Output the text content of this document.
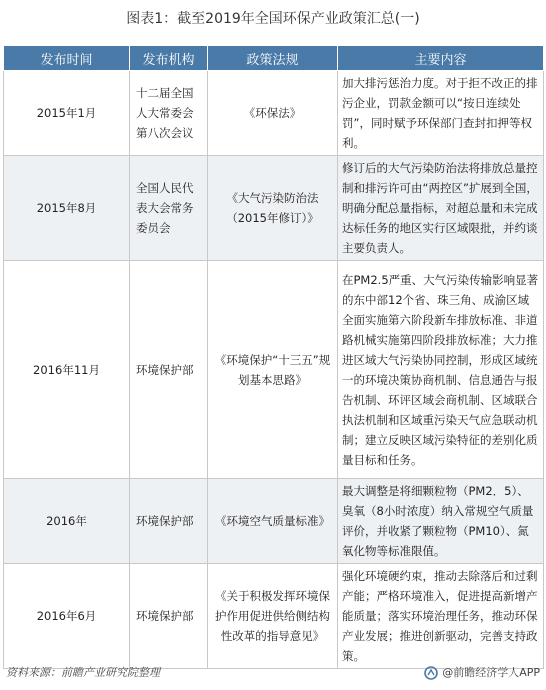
图表1：截至2019年全国环保产业政策汇总(一)
发布时间	发布机构	政策法规	主要内容
2015年1月	十二届全国人大常委会第八次会议	《环保法》	加大排污惩治力度。对于拒不改正的排污企业，罚款金额可以“按日连续处罚”，同时赋予环保部门查封扣押等权利。
2015年8月	全国人民代表大会常务委员会	《大气污染防治法（2015年修订）》	修订后的大气污染防治法将排放总量控制和排污许可由“两控区”扩展到全国，明确分配总量指标，对超总量和未完成达标任务的地区实行区域限批，并约谈主要负责人。
2016年11月	环境保护部	《环境保护“十三五”规划基本思路》	在PM2.5严重、大气污染传输影响显著的东中部12个省、珠三角、成渝区域全面实施第六阶段新车排放标准、非道路机械实施第四阶段排放标准；大力推进区域大气污染协同控制，形成区域统一的环境决策协商机制、信息通告与报告机制、环评区域会商机制、区域联合执法机制和区域重污染天气应急联动机制；建立反映区域污染特征的差别化质量目标和任务。
2016年	环境保护部	《环境空气质量标准》	最大调整是将细颗粒物（PM2．5）、臭氧（8小时浓度）纳入常规空气质量评价，并收紧了颗粒物（PM10）、氮氧化物等标准限值。
2016年6月	环境保护部	《关于积极发挥环境保护作用促进供给侧结构性改革的指导意见》	强化环境硬约束，推动去除落后和过剩产能；严格环境准入，促进提高新增产能质量；落实环境治理任务，推动环保产业发展；推进创新驱动，完善支持政策。
资料来源：前瞻产业研究院整理	@前瞻经济学人APP
